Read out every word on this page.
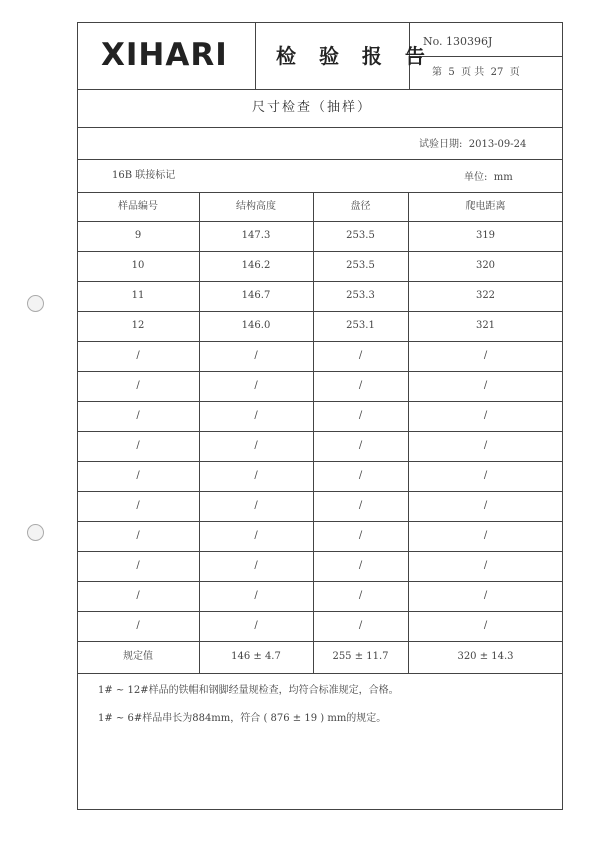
XIHARI 检 验 报 告
No. 130396J
第  5  页 共  27  页
尺寸检查（抽样）
试验日期:  2013-09-24
16B 联接标记	单位:  mm
样品编号	结构高度	盘径	爬电距离
9	147.3	253.5	319
10	146.2	253.5	320
11	146.7	253.3	322
12	146.0	253.1	321
/	/	/	/
/	/	/	/
/	/	/	/
/	/	/	/
/	/	/	/
/	/	/	/
/	/	/	/
/	/	/	/
/	/	/	/
/	/	/	/
规定值	146 ± 4.7	255 ± 11.7	320 ± 14.3
1# ~ 12#样品的铁帽和钢脚经量规检查，均符合标准规定，合格。
1# ~ 6#样品串长为884mm，符合 ( 876 ± 19 ) mm的规定。
